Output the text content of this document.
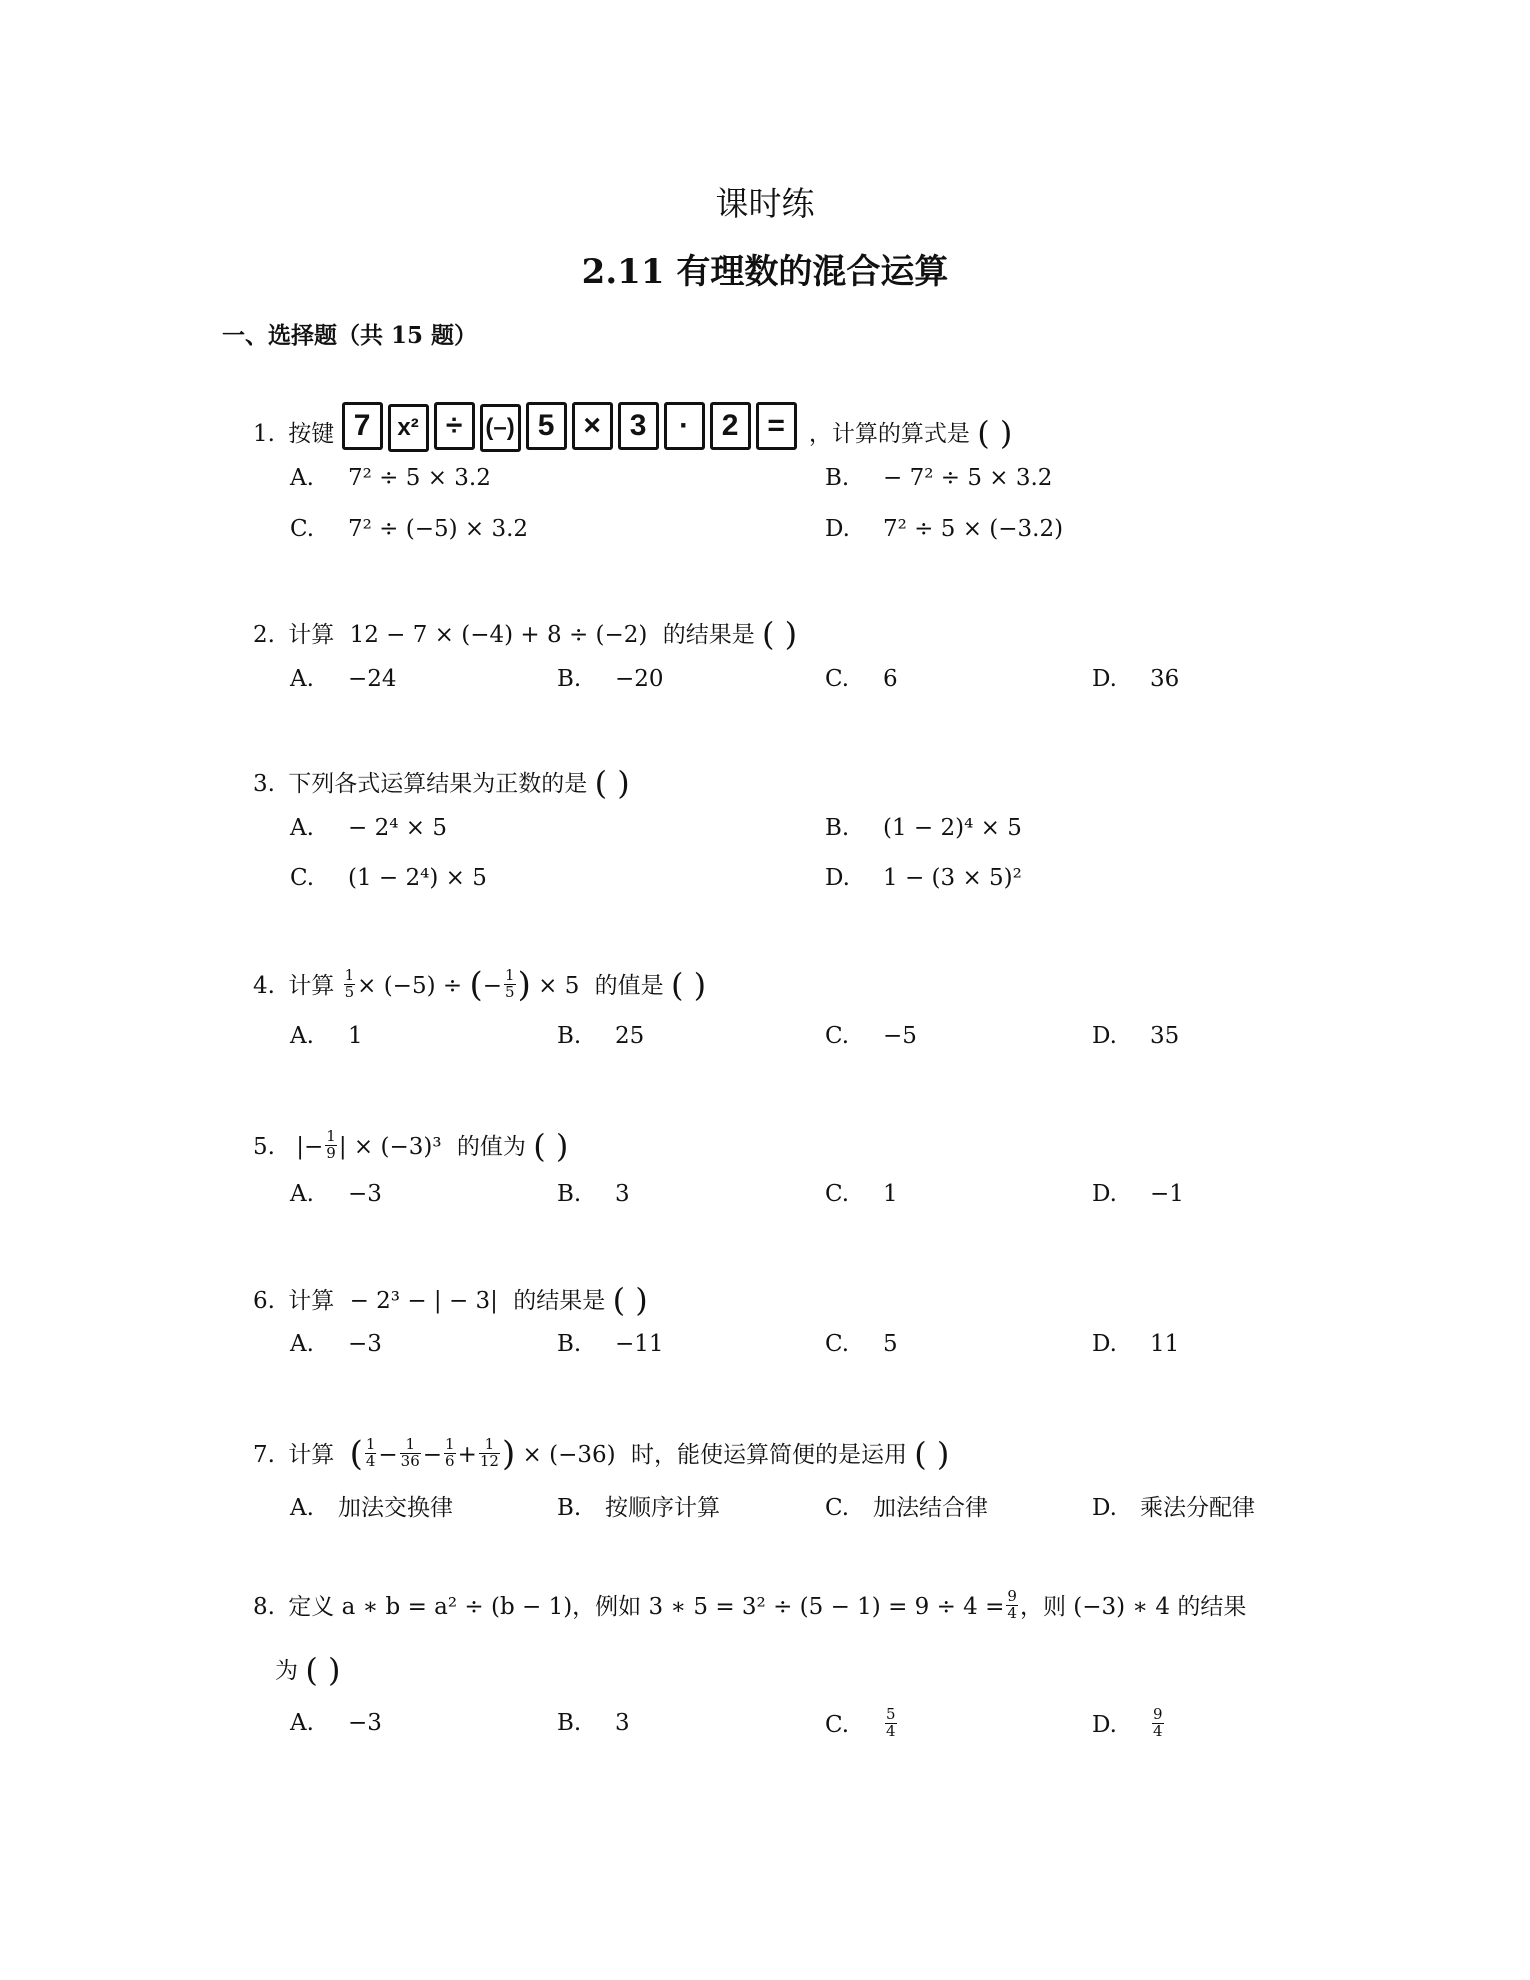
课时练
2.11 有理数的混合运算
一、选择题（共 15 题）
1. 按键 7 x² ÷ (–) 5 × 3 · 2 = ，计算的算式是 ( )
A. 7² ÷ 5 × 3.2	B. − 7² ÷ 5 × 3.2
C. 7² ÷ (−5) × 3.2	D. 7² ÷ 5 × (−3.2)
2. 计算 12 − 7 × (−4) + 8 ÷ (−2) 的结果是 ( )
A. −24	B. −20	C. 6	D. 36
3. 下列各式运算结果为正数的是 ( )
A. − 2⁴ × 5	B. (1 − 2)⁴ × 5
C. (1 − 2⁴) × 5	D. 1 − (3 × 5)²
4. 计算 $\frac{1}{5} \times (-5)$ ÷ (− $\frac{1}{5}$ ) × 5 的值是 ( )
A. 1	B. 25	C. −5	D. 35
5. |− $\frac{1}{9}$ | × (−3)³ 的值为 ( )
A. −3	B. 3	C. 1	D. −1
6. 计算 − 2³ − | − 3| 的结果是 ( )
A. −3	B. −11	C. 5	D. 11
7. 计算 ( $\frac{1}{4} - \frac{1}{36} - \frac{1}{6} + \frac{1}{12}$ ) × (−36) 时，能使运算简便的是运用 ( )
A. 加法交换律	B. 按顺序计算	C. 加法结合律	D. 乘法分配律
8. 定义 a ∗ b = a² ÷ (b − 1)，例如 3 ∗ $5 = 3^2 \div (5 - 1) = 9 \div 4 = \frac{9}{4}$ ，则 (−3) ∗ 4 的结果
为 ( )
A. −3	B. 3	C. $\frac{5}{4}$	D. $\frac{9}{4}$
